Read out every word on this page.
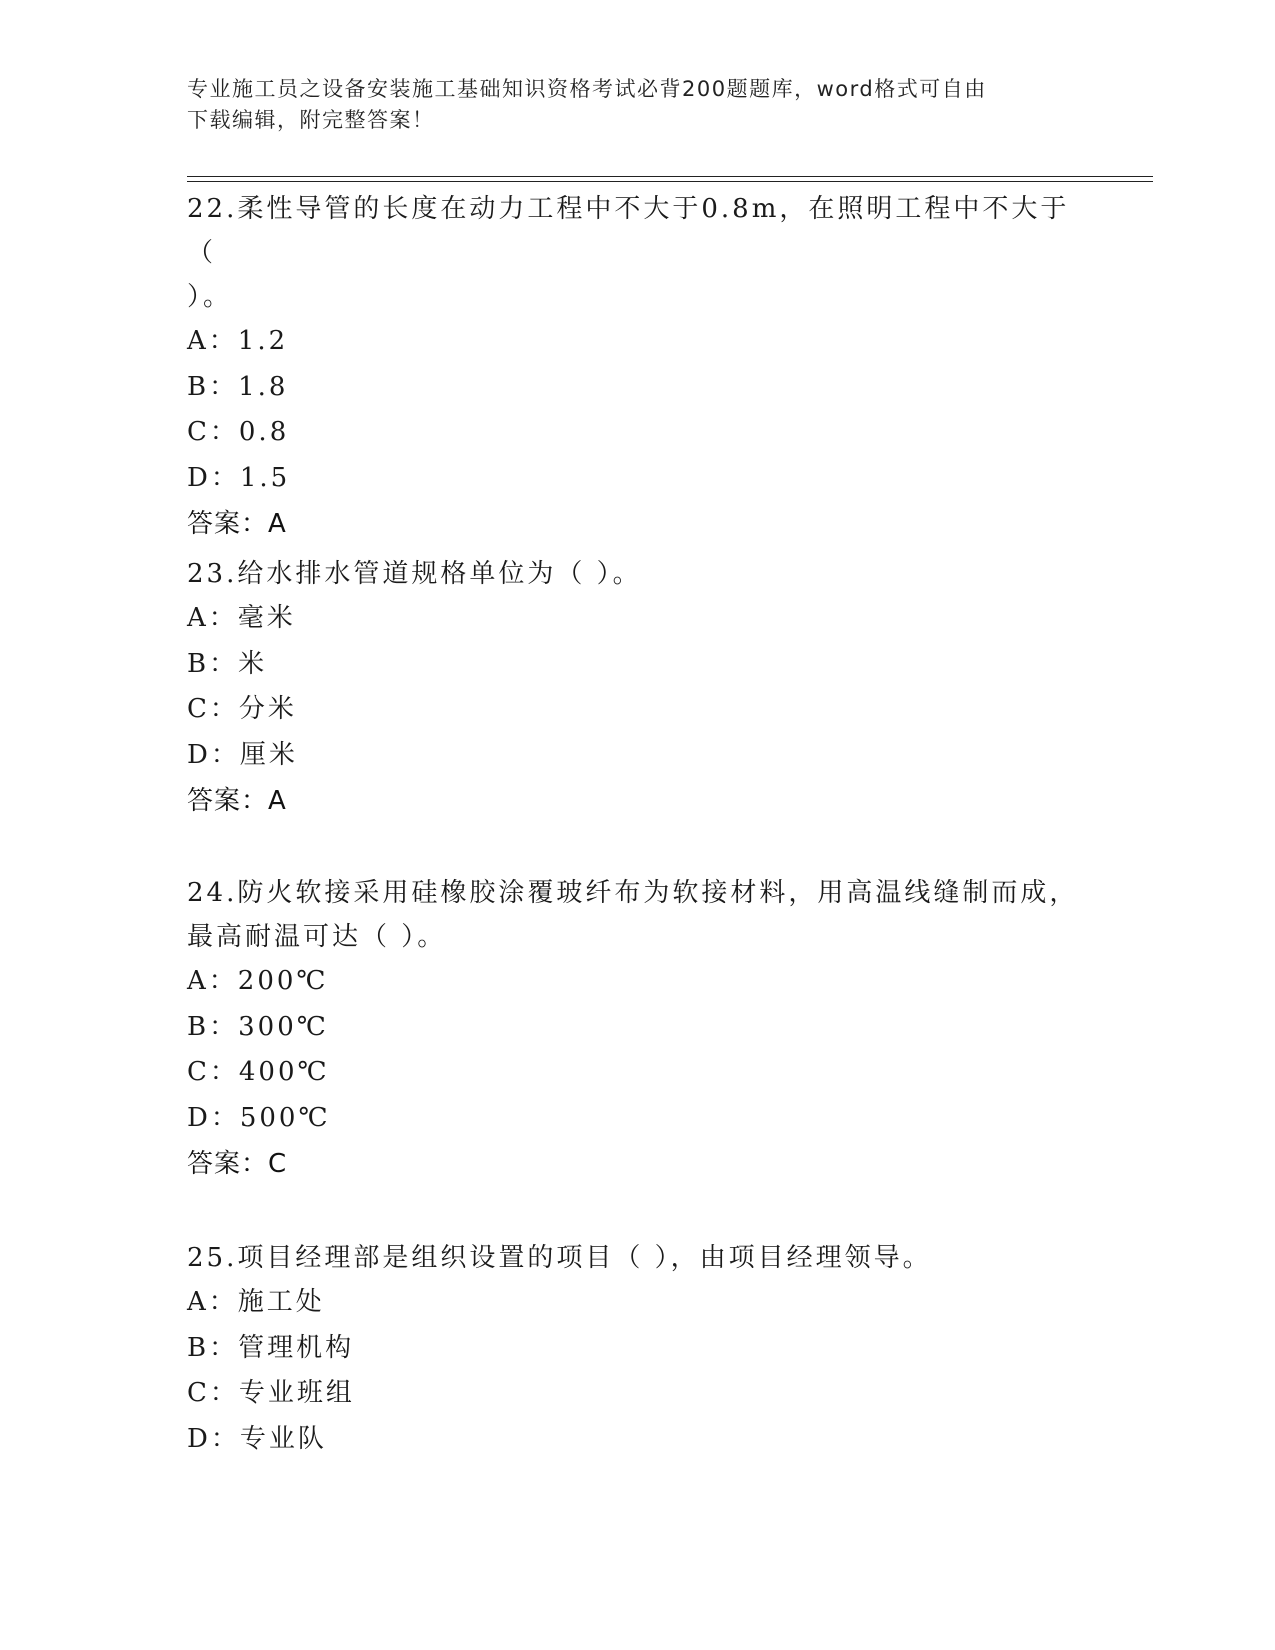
专业施工员之设备安装施工基础知识资格考试必背200题题库，word格式可自由
下载编辑，附完整答案！

22.柔性导管的长度在动力工程中不大于0.8m，在照明工程中不大于（

）。

A：1.2

B：1.8

C：0.8

D：1.5

答案：A

23.给水排水管道规格单位为（ ）。

A：毫米

B：米

C：分米

D：厘米

答案：A

24.防火软接采用硅橡胶涂覆玻纤布为软接材料，用高温线缝制而成，

最高耐温可达（ ）。

A：200℃

B：300℃

C：400℃

D：500℃

答案：C

25.项目经理部是组织设置的项目（ ），由项目经理领导。

A：施工处

B：管理机构

C：专业班组

D：专业队
